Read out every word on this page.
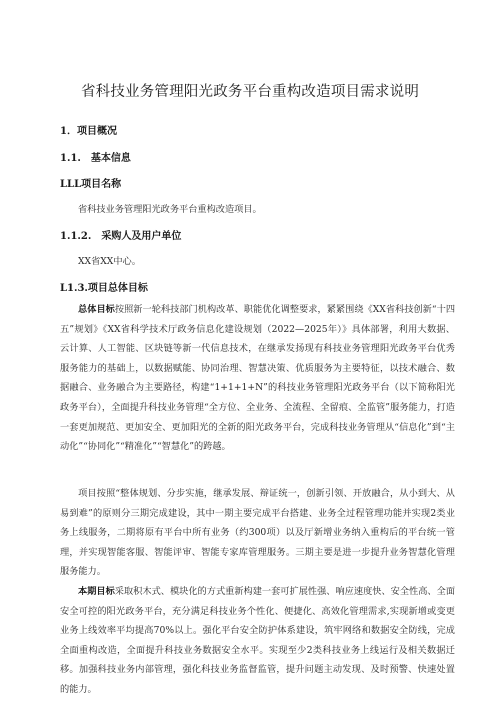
省科技业务管理阳光政务平台重构改造项目需求说明
1．项目概况
1.1.　基本信息
LLL项目名称
省科技业务管理阳光政务平台重构改造项目。
1.1.2.　采购人及用户单位
XX省XX中心。
L1.3.项目总体目标
总体目标按照新一轮科技部门机构改革、职能优化调整要求，紧紧围绕《XX省科技创新“十四五”规划》《XX省科学技术厅政务信息化建设规划（2022—2025年）》具体部署，利用大数据、云计算、人工智能、区块链等新一代信息技术，在继承发扬现有科技业务管理阳光政务平台优秀服务能力的基础上，以数据赋能、协同治理、智慧决策、优质服务为主要特征，以技术融合、数据融合、业务融合为主要路径，构建“1+1+1+N”的科技业务管理阳光政务平台（以下简称阳光政务平台），全面提升科技业务管理“全方位、全业务、全流程、全留痕、全监管”服务能力，打造一套更加规范、更加安全、更加阳光的全新的阳光政务平台，完成科技业务管理从“信息化”到“主动化”“协同化”“精准化”“智慧化”的跨越。
项目按照“整体规划、分步实施，继承发展、辩证统一，创新引领、开放融合，从小到大、从易到难”的原则分三期完成建设，其中一期主要完成平台搭建、业务全过程管理功能并实现2类业务上线服务，二期将原有平台中所有业务（约300项）以及厅新增业务纳入重构后的平台统一管理，并实现智能客服、智能评审、智能专家库管理服务。三期主要是进一步提升业务智慧化管理服务能力。
本期目标采取积木式、模块化的方式重新构建一套可扩展性强、响应速度快、安全性高、全面安全可控的阳光政务平台，充分满足科技业务个性化、便捷化、高效化管理需求,实现新增或变更业务上线效率平均提高70%以上。强化平台安全防护体系建设，筑牢网络和数据安全防线，完成全面重构改造，全面提升科技业务数据安全水平。实现至少2类科技业务上线运行及相关数据迁移。加强科技业务内部管理，强化科技业务监督监管，提升问题主动发现、及时预警、快速处置的能力。
